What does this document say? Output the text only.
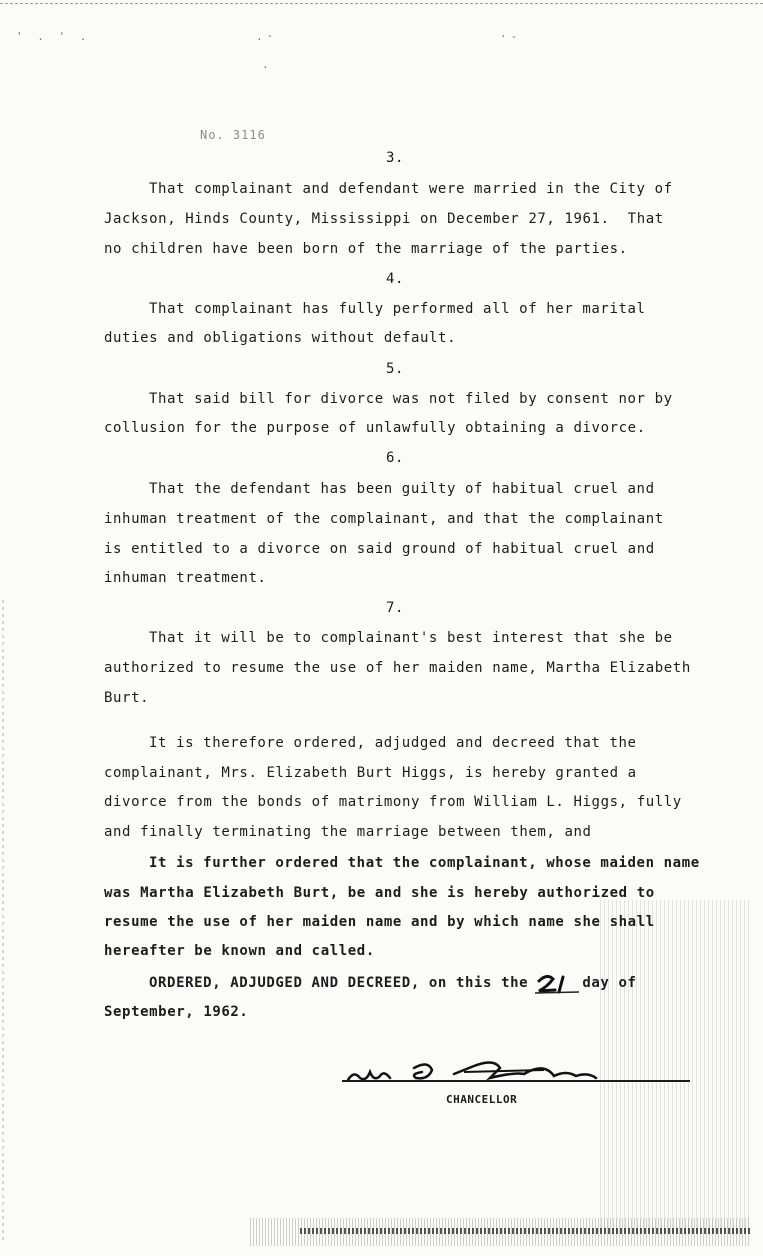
' . ' .	.·	·-
.
No. 3116
3.
That complainant and defendant were married in the City of
Jackson, Hinds County, Mississippi on December 27, 1961.  That
no children have been born of the marriage of the parties.
4.
That complainant has fully performed all of her marital
duties and obligations without default.
5.
That said bill for divorce was not filed by consent nor by
collusion for the purpose of unlawfully obtaining a divorce.
6.
That the defendant has been guilty of habitual cruel and
inhuman treatment of the complainant, and that the complainant
is entitled to a divorce on said ground of habitual cruel and
inhuman treatment.
7.
That it will be to complainant's best interest that she be
authorized to resume the use of her maiden name, Martha Elizabeth
Burt.
It is therefore ordered, adjudged and decreed that the
complainant, Mrs. Elizabeth Burt Higgs, is hereby granted a
divorce from the bonds of matrimony from William L. Higgs, fully
and finally terminating the marriage between them, and
It is further ordered that the complainant, whose maiden name
was Martha Elizabeth Burt, be and she is hereby authorized to
resume the use of her maiden name and by which name she shall
hereafter be known and called.
ORDERED, ADJUDGED AND DECREED, on this the      day of
September, 1962.
CHANCELLOR
